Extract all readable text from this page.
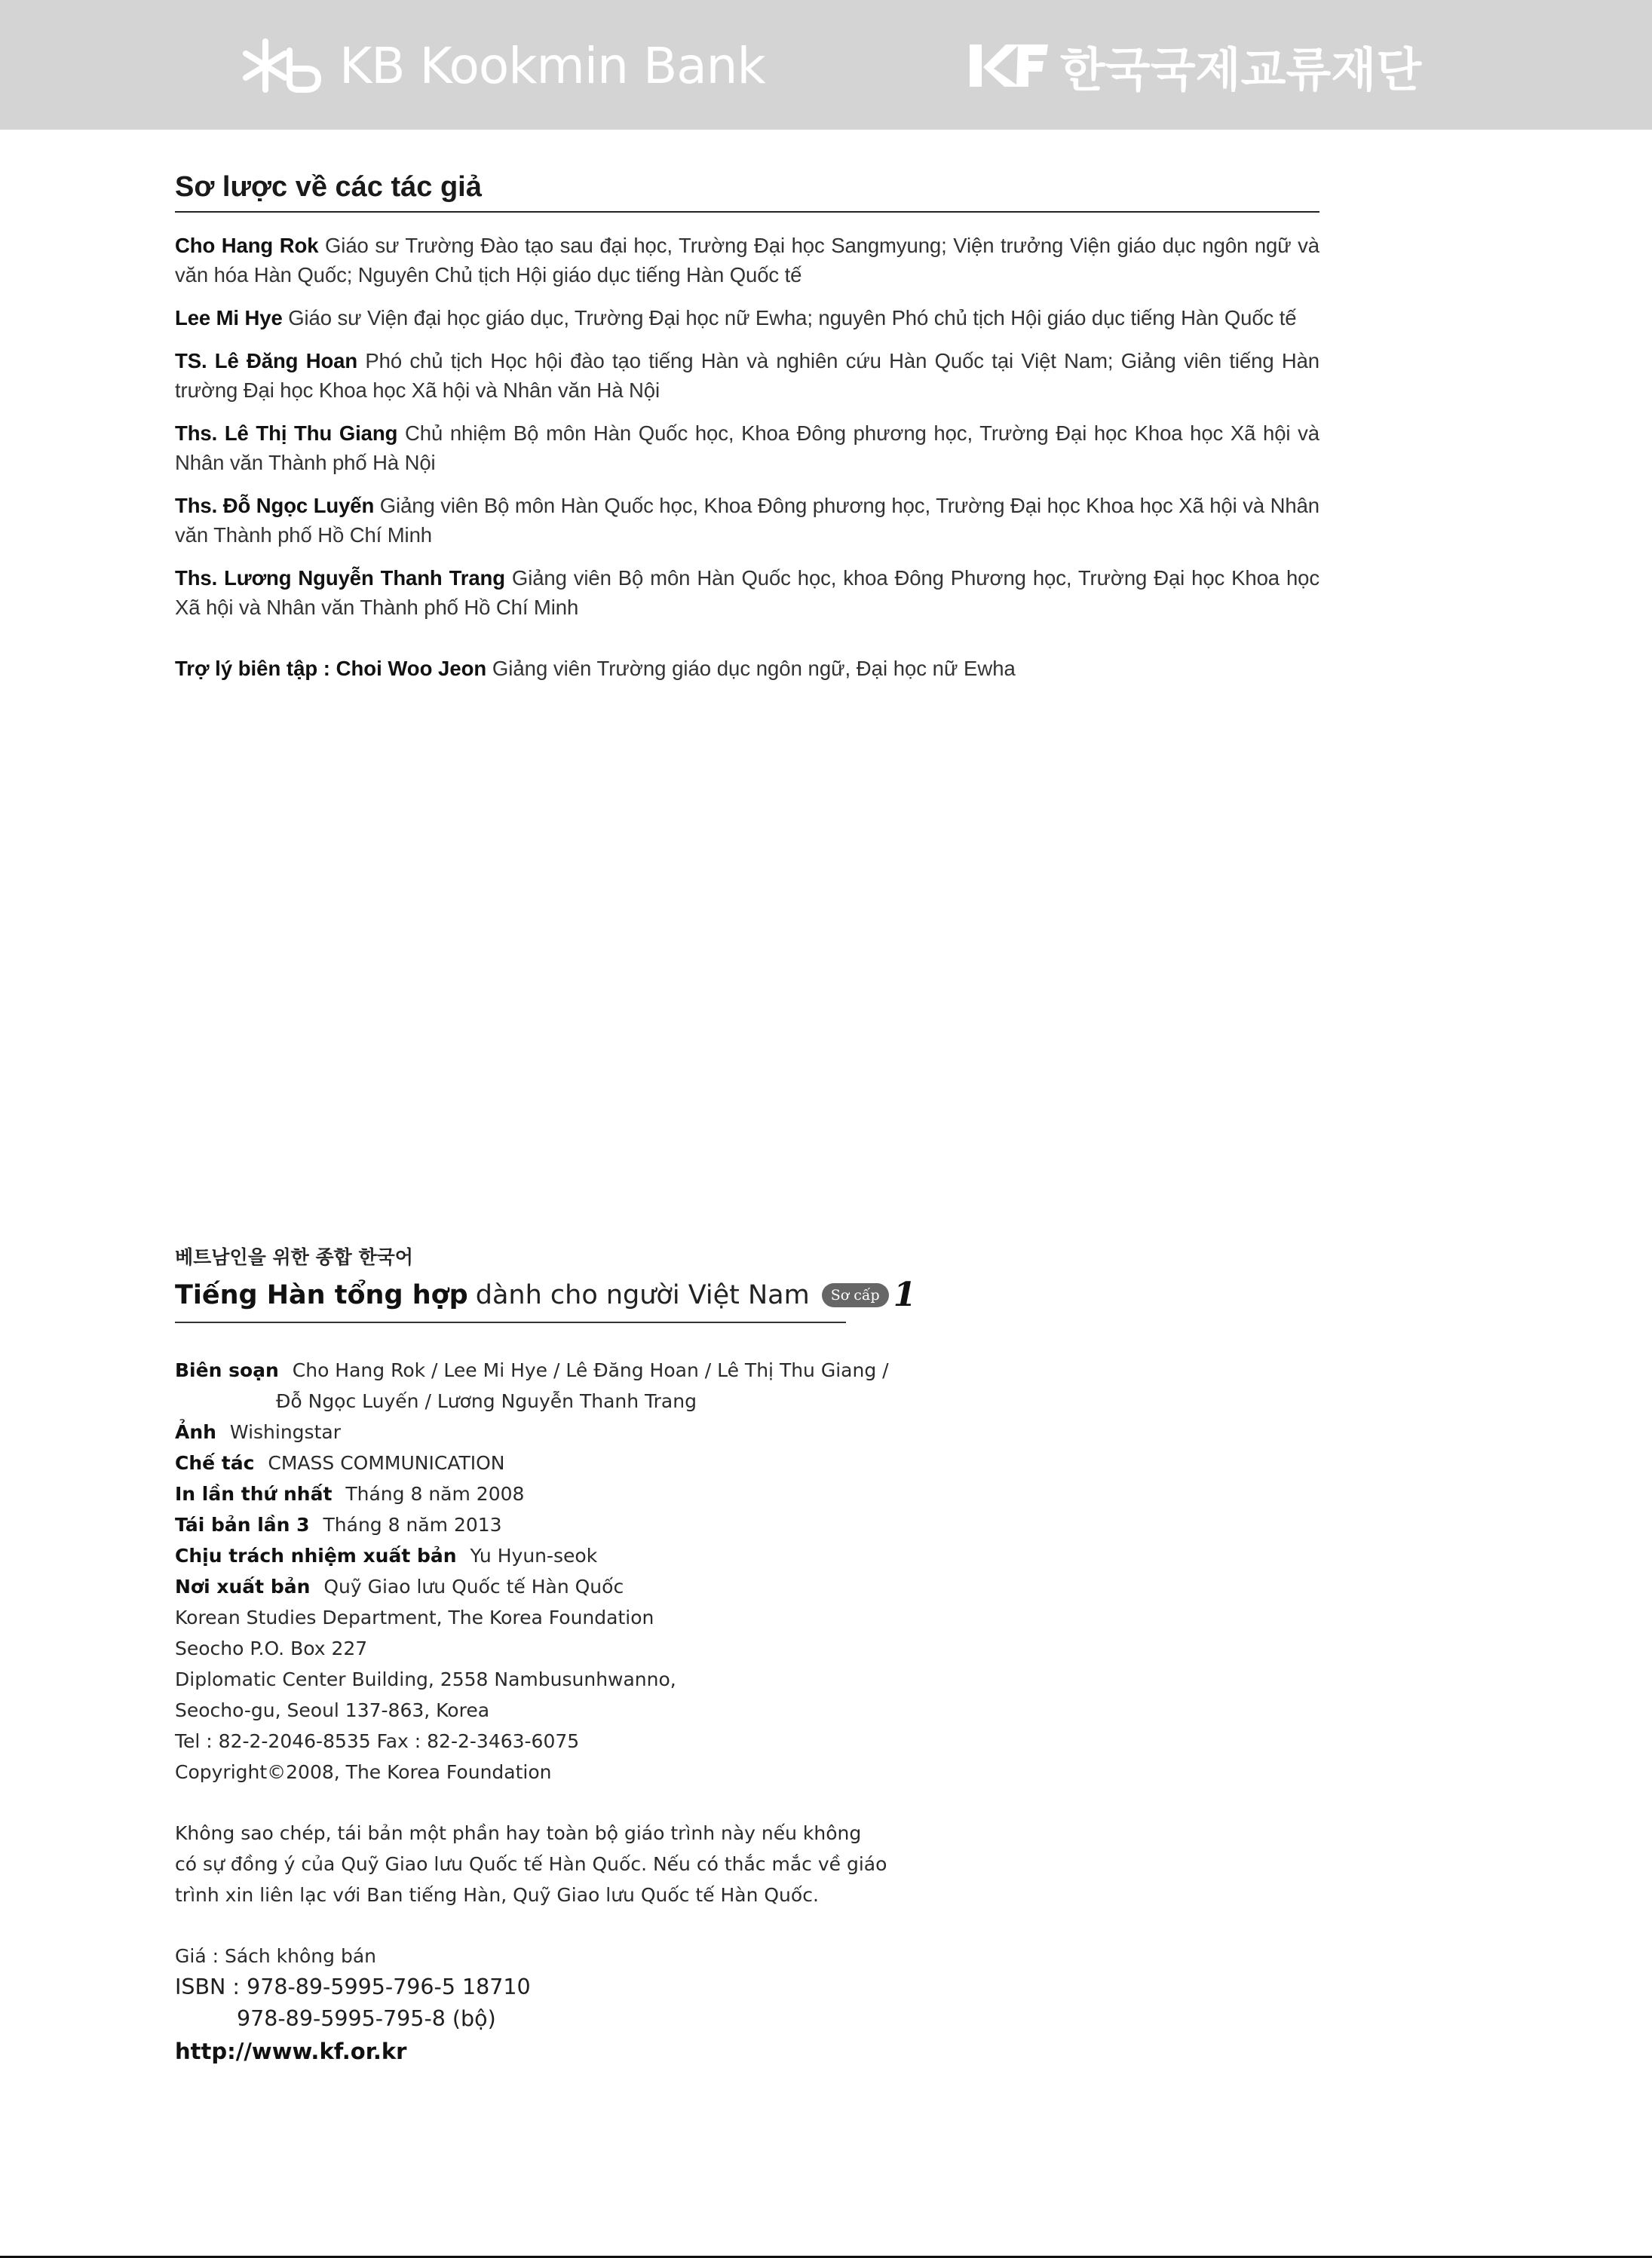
KB Kookmin Bank	한국국제교류재단
Sơ lược về các tác giả

Cho Hang Rok Giáo sư Trường Đào tạo sau đại học, Trường Đại học Sangmyung; Viện trưởng Viện giáo dục ngôn ngữ và văn hóa Hàn Quốc; Nguyên Chủ tịch Hội giáo dục tiếng Hàn Quốc tế

Lee Mi Hye Giáo sư Viện đại học giáo dục, Trường Đại học nữ Ewha; nguyên Phó chủ tịch Hội giáo dục tiếng Hàn Quốc tế

TS. Lê Đăng Hoan Phó chủ tịch Học hội đào tạo tiếng Hàn và nghiên cứu Hàn Quốc tại Việt Nam; Giảng viên tiếng Hàn trường Đại học Khoa học Xã hội và Nhân văn Hà Nội

Ths. Lê Thị Thu Giang Chủ nhiệm Bộ môn Hàn Quốc học, Khoa Đông phương học, Trường Đại học Khoa học Xã hội và Nhân văn Thành phố Hà Nội

Ths. Đỗ Ngọc Luyến Giảng viên Bộ môn Hàn Quốc học, Khoa Đông phương học, Trường Đại học Khoa học Xã hội và Nhân văn Thành phố Hồ Chí Minh

Ths. Lương Nguyễn Thanh Trang Giảng viên Bộ môn Hàn Quốc học, khoa Đông Phương học, Trường Đại học Khoa học Xã hội và Nhân văn Thành phố Hồ Chí Minh

Trợ lý biên tập : Choi Woo Jeon Giảng viên Trường giáo dục ngôn ngữ, Đại học nữ Ewha

베트남인을 위한 종합 한국어
Tiếng Hàn tổng hợp dành cho người Việt Nam	Sơ cấp 1
Biên soạn Cho Hang Rok / Lee Mi Hye / Lê Đăng Hoan / Lê Thị Thu Giang /
Đỗ Ngọc Luyến / Lương Nguyễn Thanh Trang
Ảnh Wishingstar
Chế tác CMASS COMMUNICATION
In lần thứ nhất Tháng 8 năm 2008
Tái bản lần 3 Tháng 8 năm 2013
Chịu trách nhiệm xuất bản Yu Hyun-seok
Nơi xuất bản Quỹ Giao lưu Quốc tế Hàn Quốc
Korean Studies Department, The Korea Foundation
Seocho P.O. Box 227
Diplomatic Center Building, 2558 Nambusunhwanno,
Seocho-gu, Seoul 137-863, Korea
Tel : 82-2-2046-8535 Fax : 82-2-3463-6075
Copyright©2008, The Korea Foundation
Không sao chép, tái bản một phần hay toàn bộ giáo trình này nếu không
có sự đồng ý của Quỹ Giao lưu Quốc tế Hàn Quốc. Nếu có thắc mắc về giáo
trình xin liên lạc với Ban tiếng Hàn, Quỹ Giao lưu Quốc tế Hàn Quốc.
Giá : Sách không bán
ISBN : 978-89-5995-796-5 18710
978-89-5995-795-8 (bộ)
http://www.kf.or.kr
